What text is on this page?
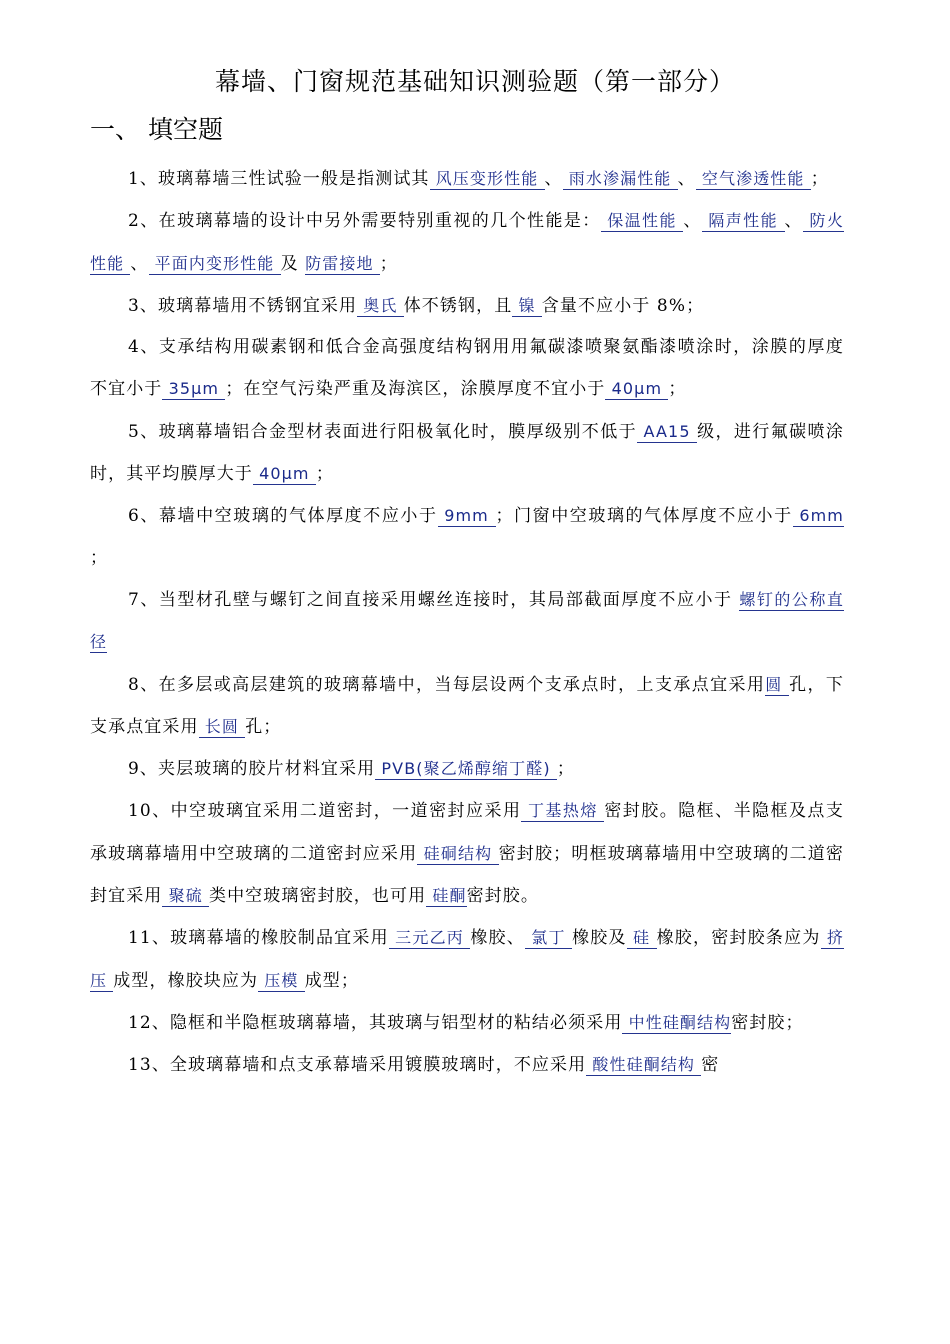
幕墙、门窗规范基础知识测验题（第一部分）
一、 填空题

1、玻璃幕墙三性试验一般是指测试其 风压变形性能 、 雨水渗漏性能 、 空气渗透性能 ；

2、在玻璃幕墙的设计中另外需要特别重视的几个性能是： 保温性能 、 隔声性能 、 防火性能 、 平面内变形性能 及 防雷接地 ；

3、玻璃幕墙用不锈钢宜采用 奥氏 体不锈钢，且 镍 含量不应小于 8%；

4、支承结构用碳素钢和低合金高强度结构钢用用氟碳漆喷聚氨酯漆喷涂时，涂膜的厚度不宜小于 35μm ；在空气污染严重及海滨区，涂膜厚度不宜小于 40μm ；

5、玻璃幕墙铝合金型材表面进行阳极氧化时，膜厚级别不低于 AA15 级，进行氟碳喷涂时，其平均膜厚大于 40μm ；

6、幕墙中空玻璃的气体厚度不应小于 9mm ；门窗中空玻璃的气体厚度不应小于 6mm ；

7、当型材孔壁与螺钉之间直接采用螺丝连接时，其局部截面厚度不应小于 螺钉的公称直径

8、在多层或高层建筑的玻璃幕墙中，当每层设两个支承点时，上支承点宜采用圆 孔，下支承点宜采用 长圆 孔；

9、夹层玻璃的胶片材料宜采用 PVB(聚乙烯醇缩丁醛) ；

10、中空玻璃宜采用二道密封，一道密封应采用 丁基热熔 密封胶。隐框、半隐框及点支承玻璃幕墙用中空玻璃的二道密封应采用 硅硐结构 密封胶；明框玻璃幕墙用中空玻璃的二道密封宜采用 聚硫 类中空玻璃密封胶，也可用 硅酮密封胶。

11、玻璃幕墙的橡胶制品宜采用 三元乙丙 橡胶、 氯丁 橡胶及 硅 橡胶，密封胶条应为 挤压 成型，橡胶块应为 压模 成型；

12、隐框和半隐框玻璃幕墙，其玻璃与铝型材的粘结必须采用 中性硅酮结构密封胶；

13、全玻璃幕墙和点支承幕墙采用镀膜玻璃时，不应采用 酸性硅酮结构 密
